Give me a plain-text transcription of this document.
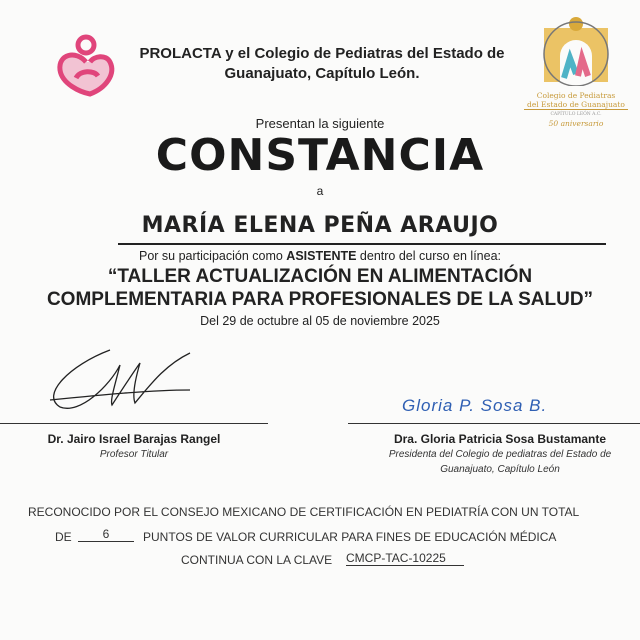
PROLACTA y el Colegio de Pediatras del Estado de Guanajuato, Capítulo León.
Colegio de Pediatras
del Estado de Guanajuato
CAPÍTULO LEÓN A.C.
50 aniversario
Presentan la siguiente
CONSTANCIA
a
MARÍA ELENA PEÑA ARAUJO
Por su participación como ASISTENTE dentro del curso en línea:
“TALLER ACTUALIZACIÓN EN ALIMENTACIÓN COMPLEMENTARIA PARA PROFESIONALES DE LA SALUD”
Del 29 de octubre al 05 de noviembre 2025
Dr. Jairo Israel Barajas Rangel
Profesor Titular
Gloria P. Sosa B.
Dra. Gloria Patricia Sosa Bustamante
Presidenta del Colegio de pediatras del Estado de Guanajuato, Capítulo León
RECONOCIDO POR EL CONSEJO MEXICANO DE CERTIFICACIÓN EN PEDIATRÍA CON UN TOTAL
DE	6	PUNTOS DE VALOR CURRICULAR PARA FINES DE EDUCACIÓN MÉDICA
CONTINUA CON LA CLAVE CMCP-TAC-10225
